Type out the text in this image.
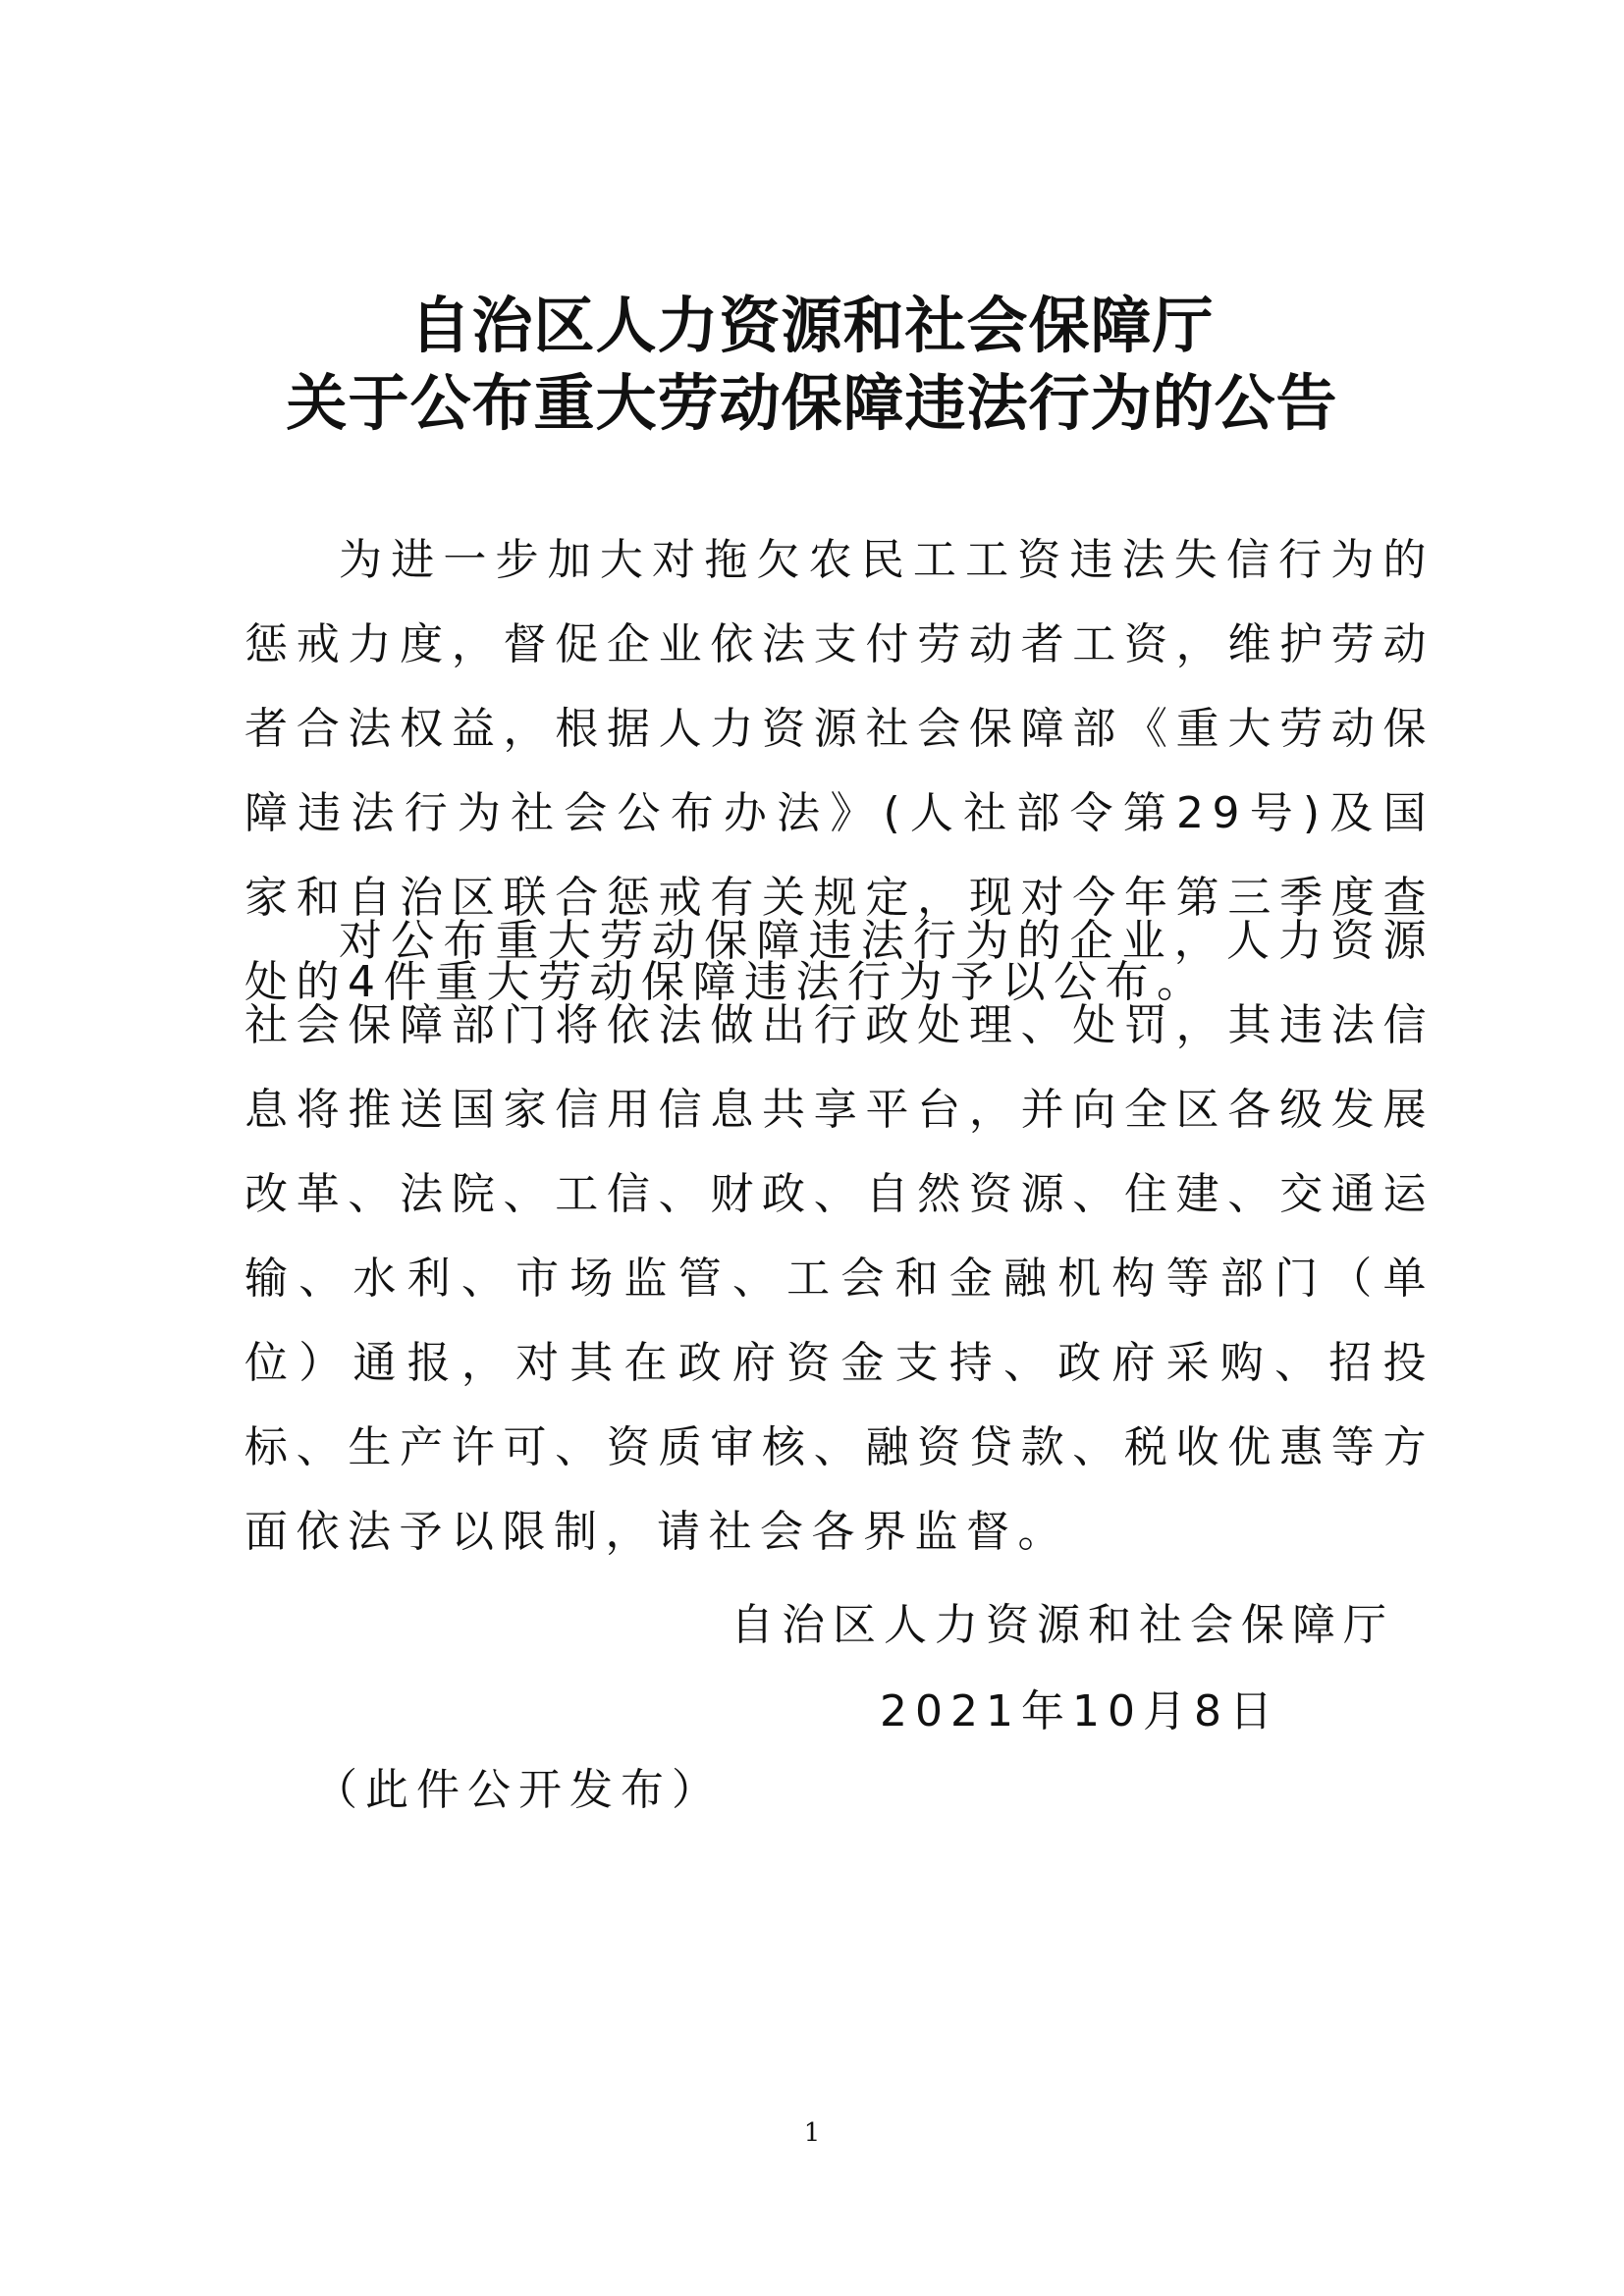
自治区人力资源和社会保障厅
关于公布重大劳动保障违法行为的公告

为进一步加大对拖欠农民工工资违法失信行为的惩戒力度，督促企业依法支付劳动者工资，维护劳动者合法权益，根据人力资源社会保障部《重大劳动保障违法行为社会公布办法》(人社部令第29号)及国家和自治区联合惩戒有关规定，现对今年第三季度查处的4件重大劳动保障违法行为予以公布。

对公布重大劳动保障违法行为的企业，人力资源社会保障部门将依法做出行政处理、处罚，其违法信息将推送国家信用信息共享平台，并向全区各级发展改革、法院、工信、财政、自然资源、住建、交通运输、水利、市场监管、工会和金融机构等部门（单位）通报，对其在政府资金支持、政府采购、招投标、生产许可、资质审核、融资贷款、税收优惠等方面依法予以限制，请社会各界监督。

自治区人力资源和社会保障厅

2021年10月8日

（此件公开发布）

1
